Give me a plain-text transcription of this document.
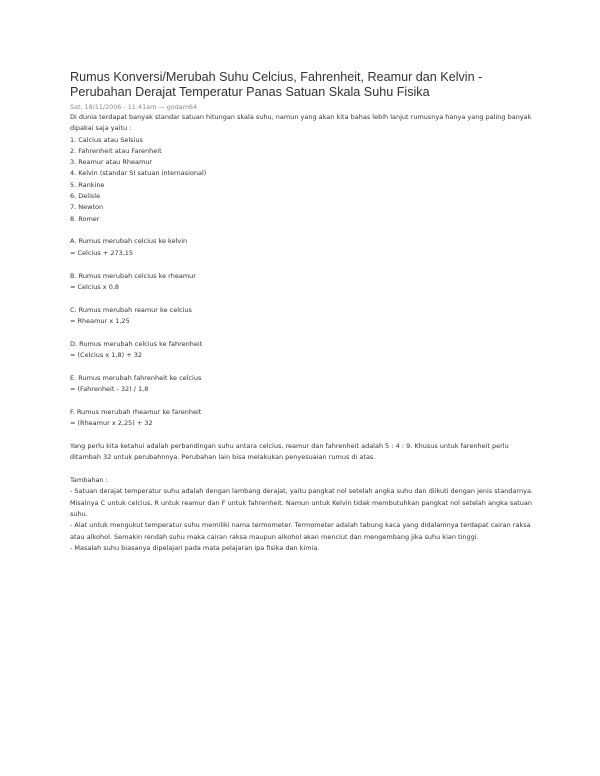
Rumus Konversi/Merubah Suhu Celcius, Fahrenheit, Reamur dan Kelvin - Perubahan Derajat Temperatur Panas Satuan Skala Suhu Fisika
Sat, 18/11/2006 - 11:41am — godam64

Di dunia terdapat banyak standar satuan hitungan skala suhu, namun yang akan kita bahas lebih lanjut rumusnya hanya yang paling banyak dipakai saja yaitu :

1. Calcius atau Selsius
2. Fahrenheit atau Farenheit
3. Reamur atau Rheamur
4. Kelvin (standar SI satuan internasional)
5. Rankine
6. Delisle
7. Newton
8. Romer
A. Rumus merubah celcius ke kelvin
= Celcius + 273,15
B. Rumus merubah celcius ke rheamur
= Celcius x 0,8
C. Rumus merubah reamur ke celcius
= Rheamur x 1,25
D. Rumus merubah celcius ke fahrenheit
= (Celcius x 1,8) + 32
E. Rumus merubah fahrenheit ke celcius
= (Fahrenheit - 32) / 1,8
F. Rumus merubah rheamur ke farenheit
= (Rheamur x 2,25) + 32

Yang perlu kita ketahui adalah perbandingan suhu antara celcius, reamur dan fahrenheit adalah 5 : 4 : 9. Khusus untuk farenheit perlu ditambah 32 untuk perubahnnya. Perubahan lain bisa melakukan penyesuaian rumus di atas.

Tambahan :

- Satuan derajat temperatur suhu adalah dengan lambang derajat, yaitu pangkat nol setelah angka suhu dan diikuti dengan jenis standarnya. Misalnya C untuk celcius, R untuk reamur dan F untuk fahrenheit. Namun untuk Kelvin tidak membutuhkan pangkat nol setelah angka satuan suhu.

- Alat untuk mengukut temperatur suhu memiliki nama termometer. Termometer adalah tabung kaca yang didalamnya terdapat cairan raksa atau alkohol. Semakin rendah suhu maka cairan raksa maupun alkohol akan menciut dan mengembang jika suhu kian tinggi.

- Masalah suhu biasanya dipelajari pada mata pelajaran ipa fisika dan kimia.
